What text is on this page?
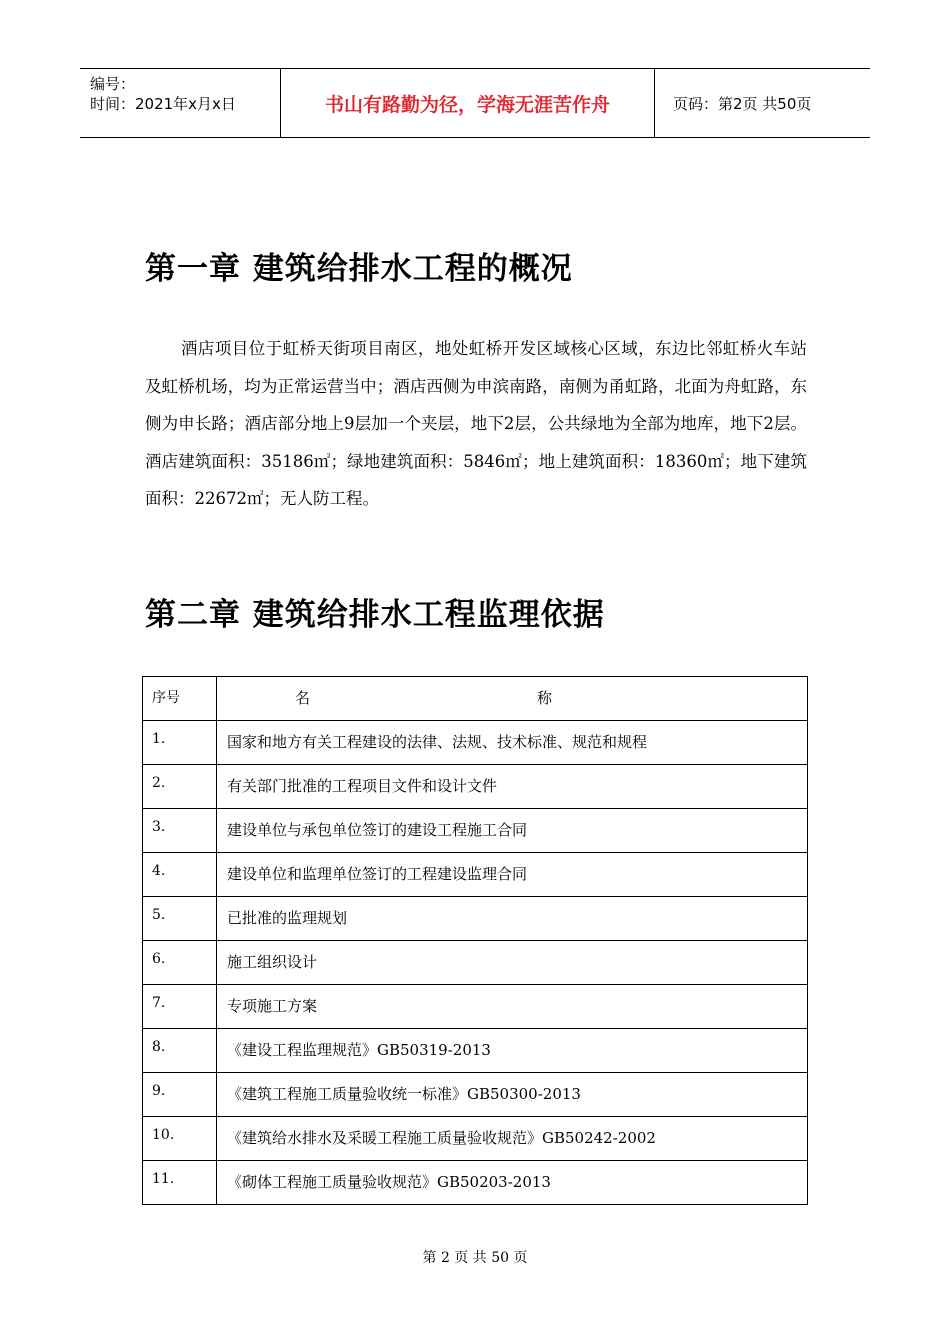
编号：
时间：2021年x月x日	书山有路勤为径，学海无涯苦作舟	页码：第2页 共50页
第一章 建筑给排水工程的概况
酒店项目位于虹桥天街项目南区，地处虹桥开发区域核心区域，东边比邻虹桥火车站及虹桥机场，均为正常运营当中；酒店西侧为申滨南路，南侧为甬虹路，北面为舟虹路，东侧为申长路；酒店部分地上9层加一个夹层，地下2层，公共绿地为全部为地库，地下2层。 酒店建筑面积：35186㎡；绿地建筑面积：5846㎡；地上建筑面积：18360㎡；地下建筑面积：22672㎡；无人防工程。
第二章 建筑给排水工程监理依据
序号	名 称

1.	国家和地方有关工程建设的法律、法规、技术标准、规范和规程
2.	有关部门批准的工程项目文件和设计文件
3.	建设单位与承包单位签订的建设工程施工合同
4.	建设单位和监理单位签订的工程建设监理合同
5.	已批准的监理规划
6.	施工组织设计
7.	专项施工方案
8.	《建设工程监理规范》GB50319-2013
9.	《建筑工程施工质量验收统一标准》GB50300-2013
10.	《建筑给水排水及采暖工程施工质量验收规范》GB50242-2002
11.	《砌体工程施工质量验收规范》GB50203-2013
第 2 页 共 50 页
